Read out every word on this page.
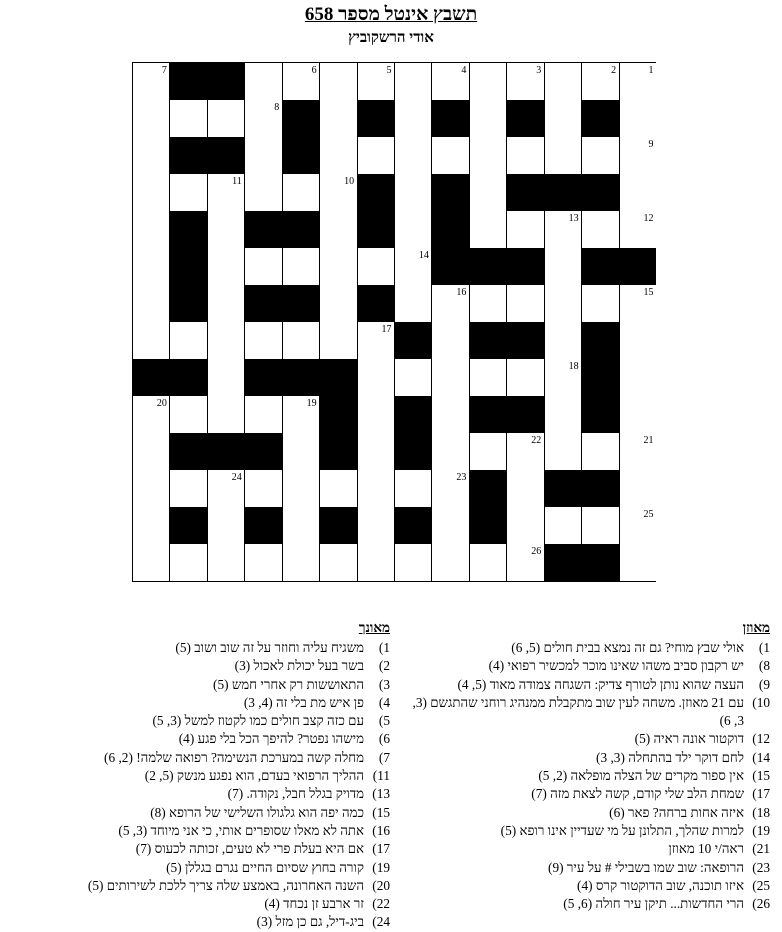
תשבץ אינטל מספר 658
אודי הרשקוביץ
7	6	5	4	3	2	1
8
9
11	10
13	12
14
16	15
17
18
20	19
22	21
24	23
25
26
מאוזן
1)
אולי שבץ מוחי? גם זה נמצא בבית חולים (5, 6)
8)
יש רקבון סביב משהו שאינו מוכר למכשיר רפואי (4)
9)
העצה שהוא נותן לטורף צדיק: השגחה צמודה מאוד (5, 4)
10)
עם 21 מאוזן. משחה לעין שוב מתקבלת ממנהיג רוחני שהתגשם (3,
3, 6)
12)
דוקטור אונה ראיה (5)
14)
לחם דוקר ילד בהתחלה (3, 3)
15)
אין ספור מקרים של הצלה מופלאה (2, 5)
17)
שמחת הלב שלי קודם, קשה לצאת מזה (7)
18)
איזה אחות ברחה? פאר (6)
19)
למרות שהלך, התלונן על מי שעדיין אינו רופא (5)
21)
ראה/י 10 מאוזן
23)
הרופאה: שוב שמו בשבילי # על עיר (9)
25)
איזו תוכנה, שוב הדוקטור קרס (4)
26)
הרי החדשות... תיקן עיר חולה (6, 5)
מאונך
1)
משגיח עליה וחוזר על זה שוב ושוב (5)
2)
בשר בעל יכולת לאכול (3)
3)
התאוששות רק אחרי חמש (5)
4)
פן איש מת בלי זה (4, 3)
5)
עם כזה קצב חולים כמו לקטוז למשל (3, 5)
6)
מישהו נפטר? להיפך הכל בלי פגע (4)
7)
מחלה קשה במערכת הנשימה? רפואה שלמה! (2, 6)
11)
ההליך הרפואי בעדם, הוא נפגע מנשק (5, 2)
13)
מדויק בגלל חבל, נקודה. (7)
15)
כמה יפה הוא גלגולו השלישי של הרופא (8)
16)
אתה לא מאלו שסופרים אותי, כי אני מיוחד (3, 5)
17)
אם היא בעלת פרי לא טעים, זכותה לכעוס (7)
19)
קורה בחוץ שסיום החיים נגרם בגללן (5)
20)
השנה האחרונה, באמצע שלה צריך ללכת לשירותים (5)
22)
זר ארבע זן נכחד (4)
24)
ביג-דיל, גם כן מזל (3)
